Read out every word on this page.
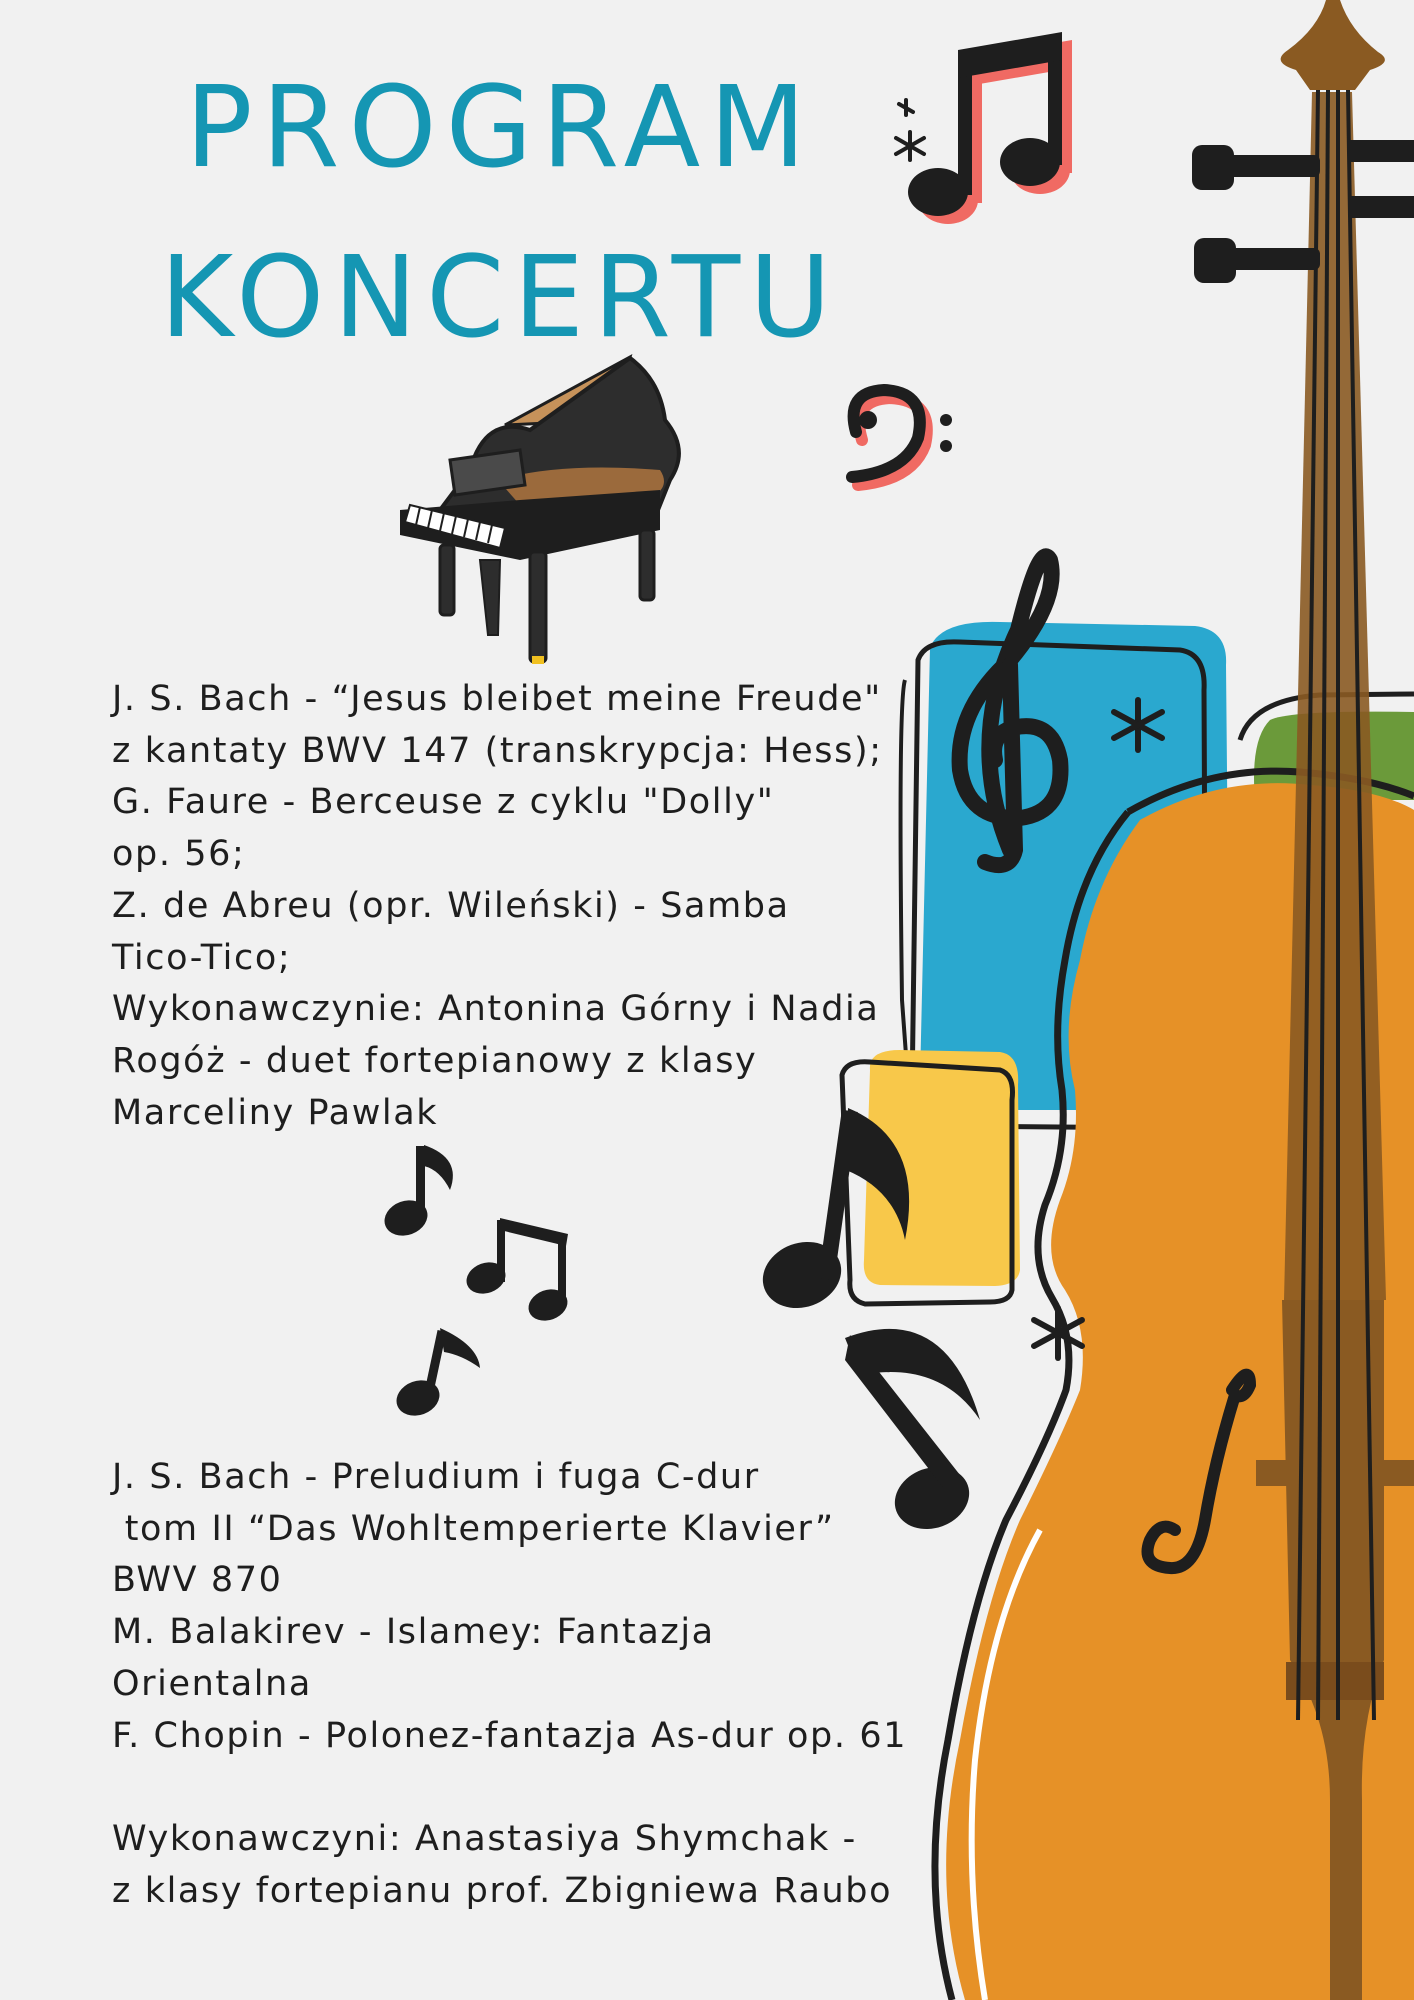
PROGRAM
KONCERTU
J. S. Bach - “Jesus bleibet meine Freude"
z kantaty BWV 147 (transkrypcja: Hess);
G. Faure - Berceuse z cyklu "Dolly"
op. 56;
Z. de Abreu (opr. Wileński) - Samba
Tico-Tico;
Wykonawczynie: Antonina Górny i Nadia
Rogóż - duet fortepianowy z klasy
Marceliny Pawlak
J. S. Bach - Preludium i fuga C-dur
tom II “Das Wohltemperierte Klavier”
BWV 870
M. Balakirev - Islamey: Fantazja
Orientalna
F. Chopin - Polonez-fantazja As-dur op. 61
Wykonawczyni: Anastasiya Shymchak -
z klasy fortepianu prof. Zbigniewa Raubo
